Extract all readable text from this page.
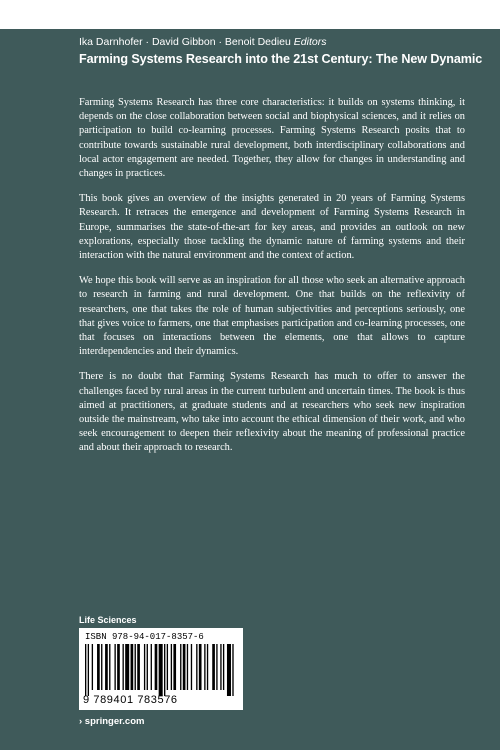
Ika Darnhofer · David Gibbon · Benoit Dedieu Editors
Farming Systems Research into the 21st Century: The New Dynamic

Farming Systems Research has three core characteristics: it builds on systems thinking, it depends on the close collaboration between social and biophysical sciences, and it relies on participation to build co-learning processes. Farming Systems Research posits that to contribute towards sustainable rural development, both interdisciplinary collaborations and local actor engagement are needed. Together, they allow for changes in understanding and changes in practices.

This book gives an overview of the insights generated in 20 years of Farming Systems Research. It retraces the emergence and development of Farming Systems Research in Europe, summarises the state-of-the-art for key areas, and provides an outlook on new explorations, especially those tackling the dynamic nature of farming systems and their interaction with the natural environment and the context of action.

We hope this book will serve as an inspiration for all those who seek an alternative approach to research in farming and rural development. One that builds on the reflexivity of researchers, one that takes the role of human subjectivities and perceptions seriously, one that gives voice to farmers, one that emphasises participation and co-learning processes, one that focuses on interactions between the elements, one that allows to capture interdependencies and their dynamics.

There is no doubt that Farming Systems Research has much to offer to answer the challenges faced by rural areas in the current turbulent and uncertain times. The book is thus aimed at practitioners, at graduate students and at researchers who seek new inspiration outside the mainstream, who take into account the ethical dimension of their work, and who seek encouragement to deepen their reflexivity about the meaning of professional practice and about their approach to research.

Life Sciences
ISBN 978-94-017-8357-6
9 789401 783576
› springer.com
